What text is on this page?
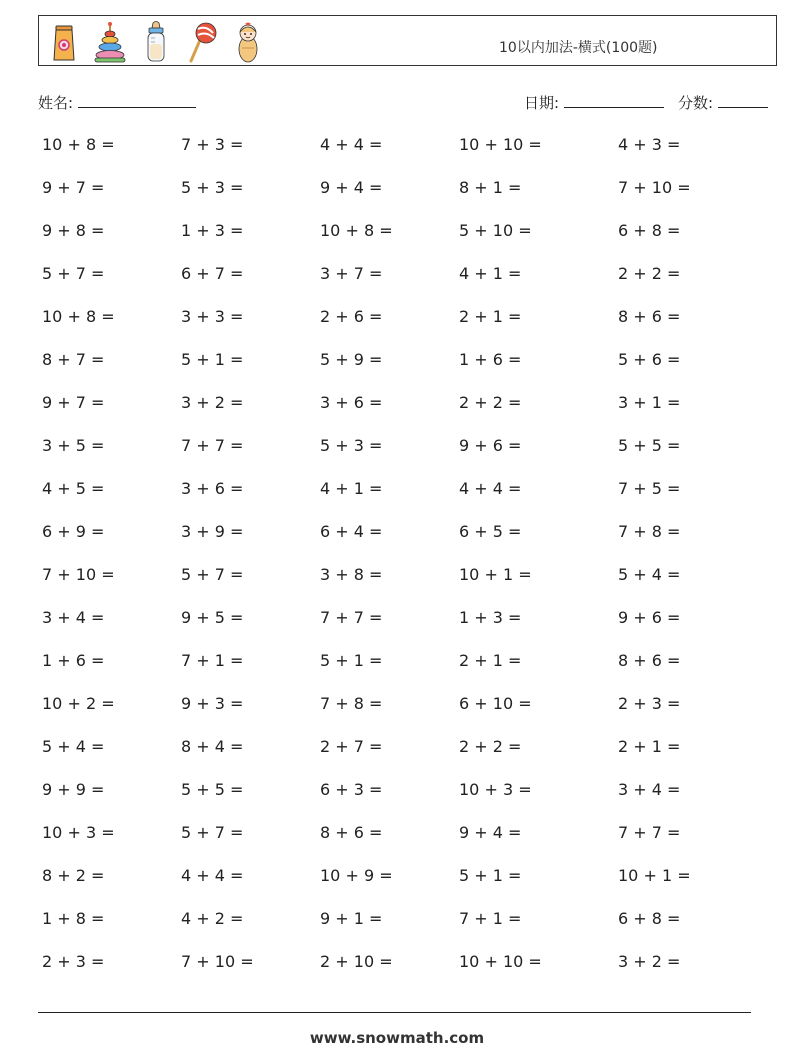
10以内加法-横式(100题)
姓名:	日期:	分数:
10 + 8 =	7 + 3 =	4 + 4 =	10 + 10 =	4 + 3 =
9 + 7 =	5 + 3 =	9 + 4 =	8 + 1 =	7 + 10 =
9 + 8 =	1 + 3 =	10 + 8 =	5 + 10 =	6 + 8 =
5 + 7 =	6 + 7 =	3 + 7 =	4 + 1 =	2 + 2 =
10 + 8 =	3 + 3 =	2 + 6 =	2 + 1 =	8 + 6 =
8 + 7 =	5 + 1 =	5 + 9 =	1 + 6 =	5 + 6 =
9 + 7 =	3 + 2 =	3 + 6 =	2 + 2 =	3 + 1 =
3 + 5 =	7 + 7 =	5 + 3 =	9 + 6 =	5 + 5 =
4 + 5 =	3 + 6 =	4 + 1 =	4 + 4 =	7 + 5 =
6 + 9 =	3 + 9 =	6 + 4 =	6 + 5 =	7 + 8 =
7 + 10 =	5 + 7 =	3 + 8 =	10 + 1 =	5 + 4 =
3 + 4 =	9 + 5 =	7 + 7 =	1 + 3 =	9 + 6 =
1 + 6 =	7 + 1 =	5 + 1 =	2 + 1 =	8 + 6 =
10 + 2 =	9 + 3 =	7 + 8 =	6 + 10 =	2 + 3 =
5 + 4 =	8 + 4 =	2 + 7 =	2 + 2 =	2 + 1 =
9 + 9 =	5 + 5 =	6 + 3 =	10 + 3 =	3 + 4 =
10 + 3 =	5 + 7 =	8 + 6 =	9 + 4 =	7 + 7 =
8 + 2 =	4 + 4 =	10 + 9 =	5 + 1 =	10 + 1 =
1 + 8 =	4 + 2 =	9 + 1 =	7 + 1 =	6 + 8 =
2 + 3 =	7 + 10 =	2 + 10 =	10 + 10 =	3 + 2 =
www.snowmath.com
